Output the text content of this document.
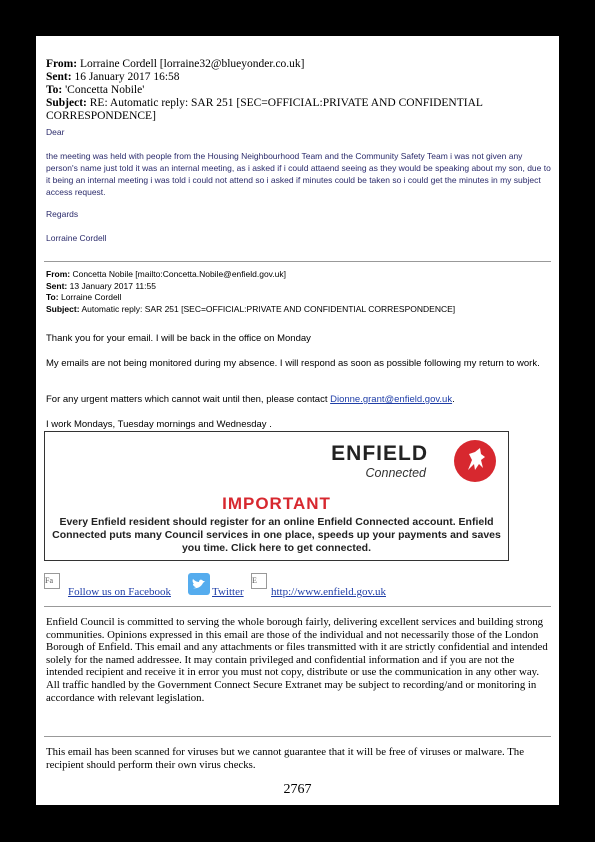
From: Lorraine Cordell [lorraine32@blueyonder.co.uk]
Sent: 16 January 2017 16:58
To: 'Concetta Nobile'
Subject: RE: Automatic reply: SAR 251 [SEC=OFFICIAL:PRIVATE AND CONFIDENTIAL CORRESPONDENCE]
Dear
the meeting was held with people from the Housing Neighbourhood Team and the Community Safety Team i was not given any person's name just told it was an internal meeting, as i asked if i could attaend seeing as they would be speaking about my son, due to it being an internal meeting i was told i could not attend so i asked if minutes could be taken so i could get the minutes in my subject access request.
Regards
Lorraine Cordell
From: Concetta Nobile [mailto:Concetta.Nobile@enfield.gov.uk]
Sent: 13 January 2017 11:55
To: Lorraine Cordell
Subject: Automatic reply: SAR 251 [SEC=OFFICIAL:PRIVATE AND CONFIDENTIAL CORRESPONDENCE]
Thank you for your email. I will be back in the office on Monday
My emails are not being monitored during my absence. I will respond as soon as possible following my return to work.
For any urgent matters which cannot wait until then, please contact Dionne.grant@enfield.gov.uk.
I work Mondays, Tuesday mornings and Wednesday .
ENFIELD
Connected
IMPORTANT
Every Enfield resident should register for an online Enfield Connected account. Enfield Connected puts many Council services in one place, speeds up your payments and saves you time. Click here to get connected.
Fa
Follow us on Facebook	Twitter
E
http://www.enfield.gov.uk
Enfield Council is committed to serving the whole borough fairly, delivering excellent services and building strong communities. Opinions expressed in this email are those of the individual and not necessarily those of the London Borough of Enfield. This email and any attachments or files transmitted with it are strictly confidential and intended solely for the named addressee. It may contain privileged and confidential information and if you are not the intended recipient and receive it in error you must not copy, distribute or use the communication in any other way. All traffic handled by the Government Connect Secure Extranet may be subject to recording/and or monitoring in accordance with relevant legislation.
This email has been scanned for viruses but we cannot guarantee that it will be free of viruses or malware. The recipient should perform their own virus checks.
2767
